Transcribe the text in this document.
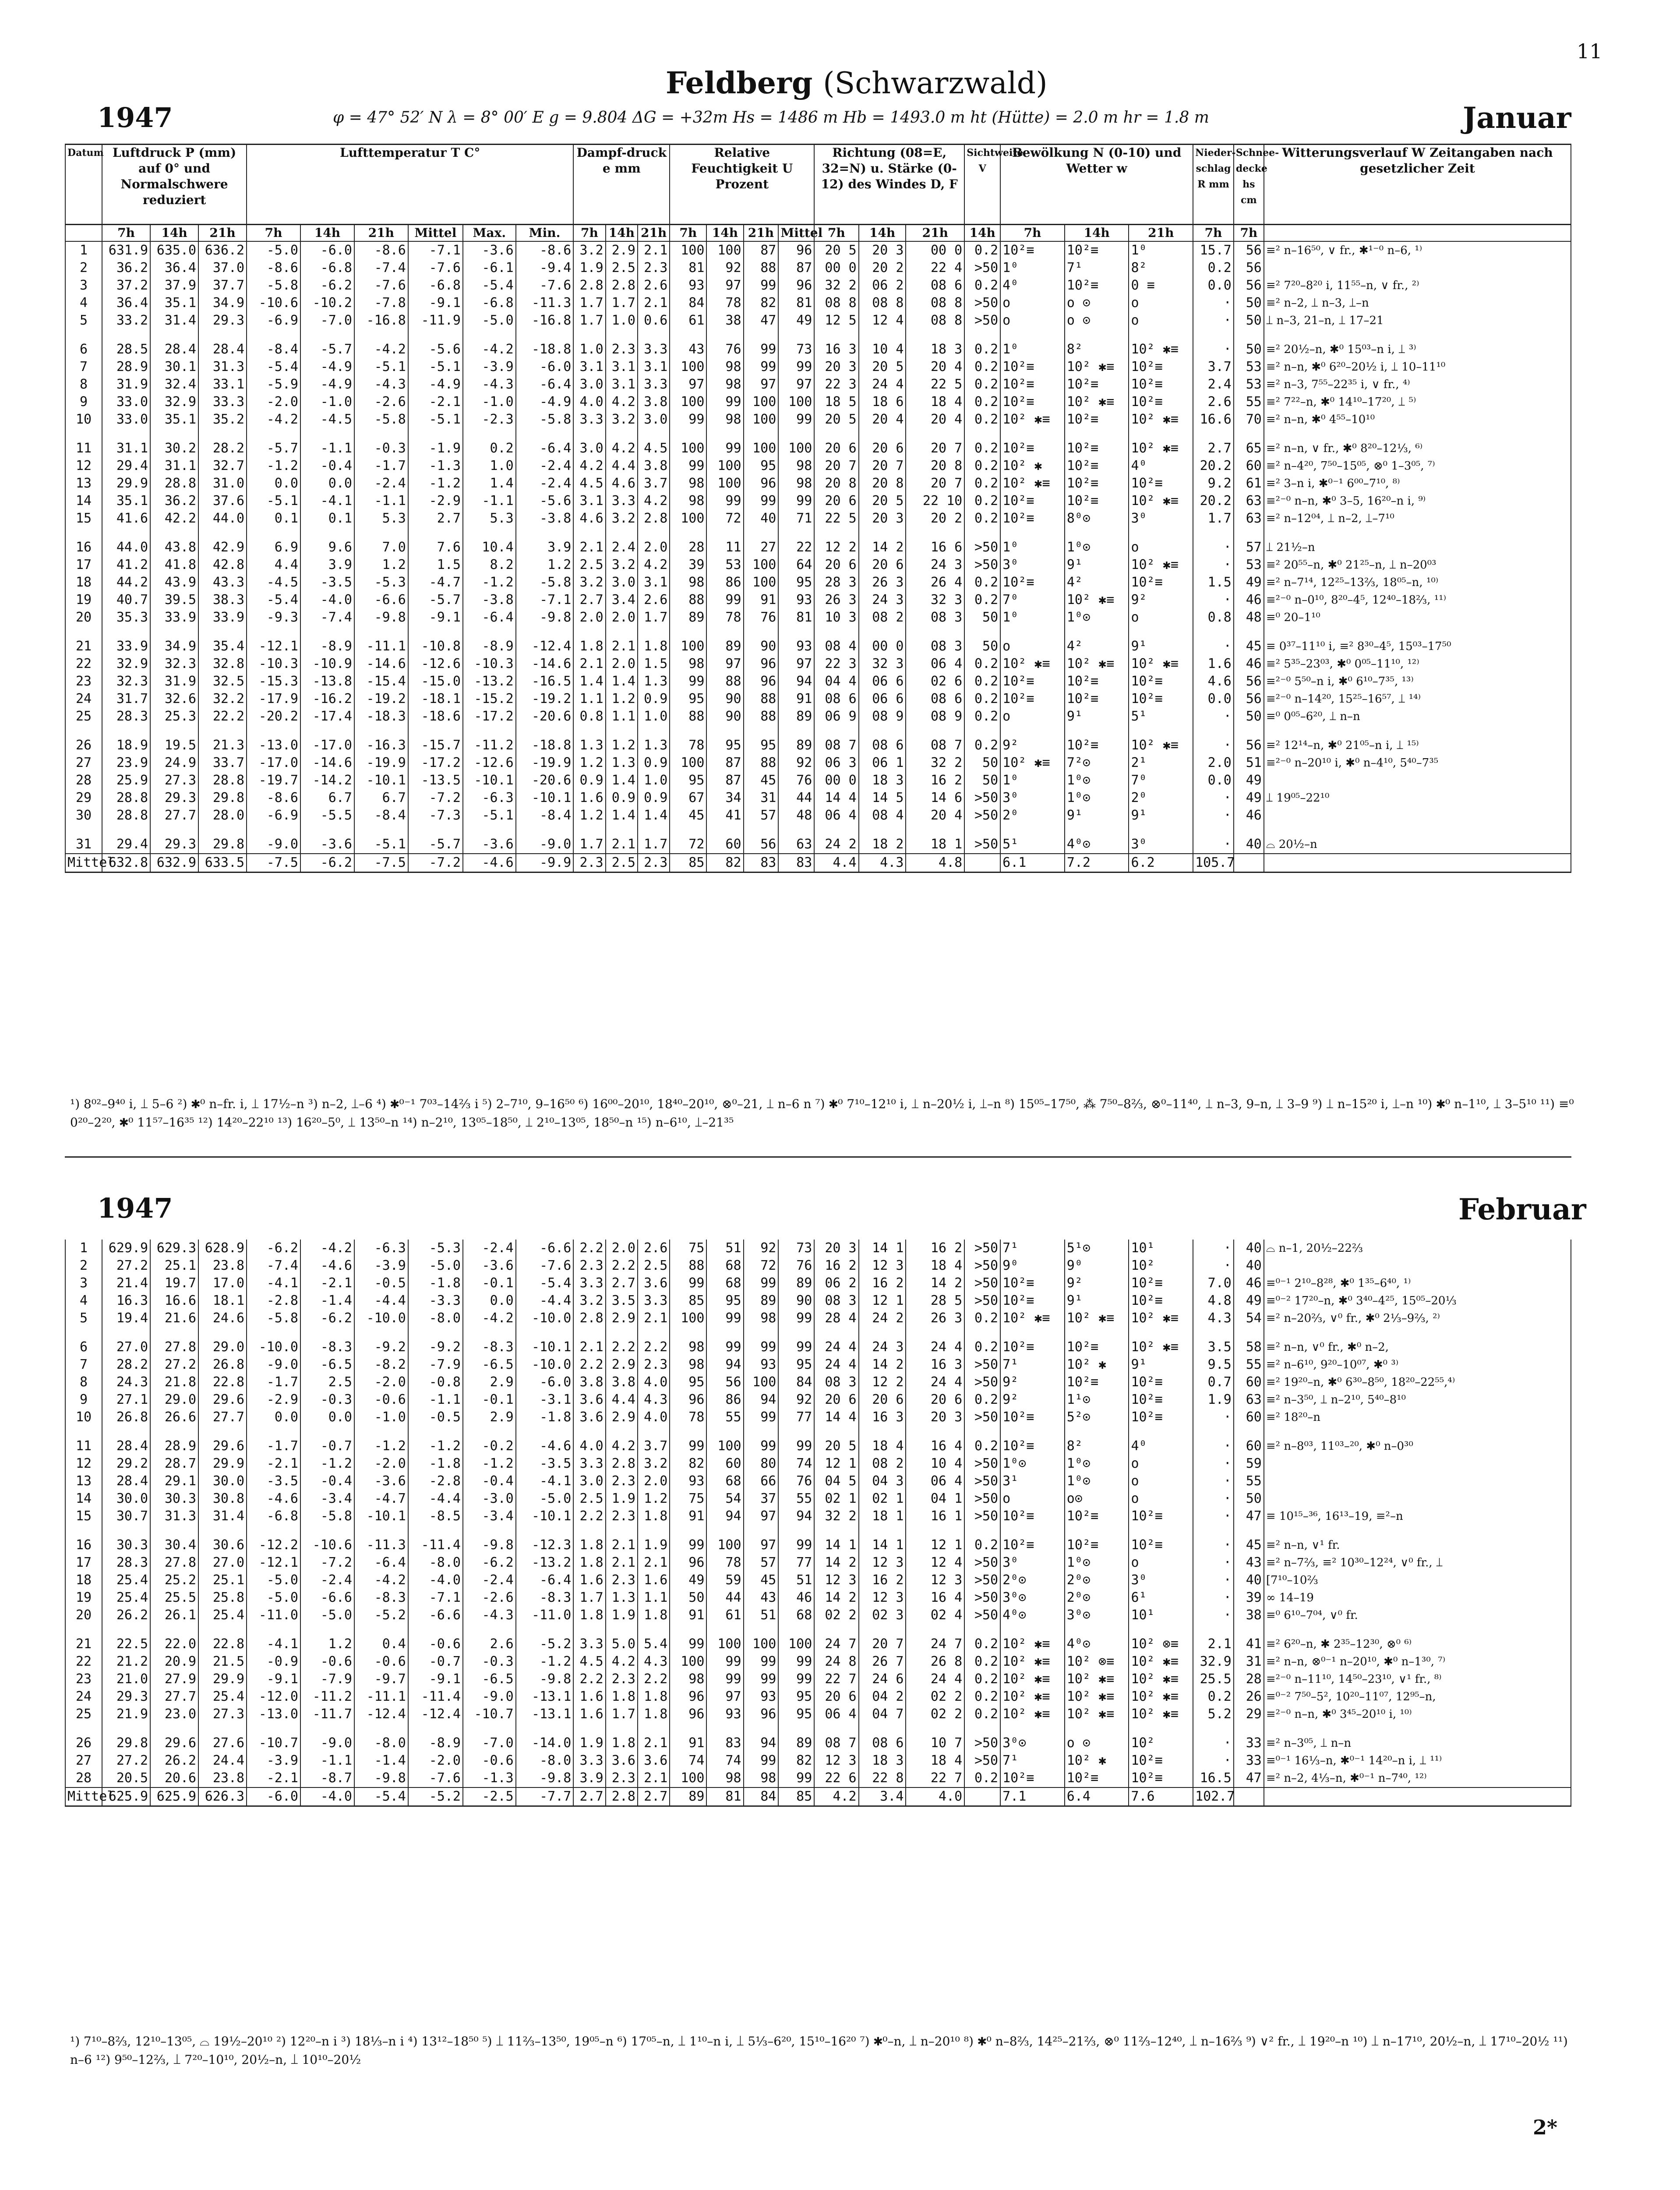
11
Feldberg (Schwarzwald)
1947	φ = 47° 52′ N λ = 8° 00′ E g = 9.804 ΔG = +32m Hs = 1486 m Hb = 1493.0 m ht (Hütte) = 2.0 m hr = 1.8 m	Januar
Datum	Luftdruck P (mm) auf 0° und Normalschwere reduziert			Lufttemperatur T C°						Dampf-druck e mm			Relative Feuchtigkeit U Prozent				Richtung (08=E, 32=N) u. Stärke (0-12) des Windes D, F			Sichtweite V	Bewölkung N (0-10) und Wetter w			Nieder-schlag R mm	Schnee-decke hs cm	Witterungsverlauf W Zeitangaben nach gesetzlicher Zeit
	7h	14h	21h	7h	14h	21h	Mittel	Max.	Min.	7h	14h	21h	7h	14h	21h	Mittel	7h	14h	21h	14h	7h	14h	21h	7h	7h	
1	631.9	635.0	636.2	-5.0	-6.0	-8.6	-7.1	-3.6	-8.6	3.2	2.9	2.1	100	100	87	96	20 5	20 3	00 0	0.2	10²≡	10²≡	1⁰	15.7	56	≡² n–16⁵⁰, ∨ fr., ✱¹⁻⁰ n–6, ¹⁾
2	36.2	36.4	37.0	-8.6	-6.8	-7.4	-7.6	-6.1	-9.4	1.9	2.5	2.3	81	92	88	87	00 0	20 2	22 4	>50	1⁰	7¹	8²	0.2	56	
3	37.2	37.9	37.7	-5.8	-6.2	-7.6	-6.8	-5.4	-7.6	2.8	2.8	2.6	93	97	99	96	32 2	06 2	08 6	0.2	4⁰	10²≡	0 ≡	0.0	56	≡² 7²⁰–8²⁰ i, 11⁵⁵–n, ∨ fr., ²⁾
4	36.4	35.1	34.9	-10.6	-10.2	-7.8	-9.1	-6.8	-11.3	1.7	1.7	2.1	84	78	82	81	08 8	08 8	08 8	>50	o	o ⊙	o	·	50	≡² n–2, ⟘ n–3, ⟘–n
5	33.2	31.4	29.3	-6.9	-7.0	-16.8	-11.9	-5.0	-16.8	1.7	1.0	0.6	61	38	47	49	12 5	12 4	08 8	>50	o	o ⊙	o	·	50	⟘ n–3, 21–n, ⟘ 17–21
6	28.5	28.4	28.4	-8.4	-5.7	-4.2	-5.6	-4.2	-18.8	1.0	2.3	3.3	43	76	99	73	16 3	10 4	18 3	0.2	1⁰	8²	10² ✱≡	·	50	≡² 20½–n, ✱⁰ 15⁰³–n i, ⟘ ³⁾
7	28.9	30.1	31.3	-5.4	-4.9	-5.1	-5.1	-3.9	-6.0	3.1	3.1	3.1	100	98	99	99	20 3	20 5	20 4	0.2	10²≡	10² ✱≡	10²≡	3.7	53	≡² n–n, ✱⁰ 6²⁰–20½ i, ⟘ 10–11¹⁰
8	31.9	32.4	33.1	-5.9	-4.9	-4.3	-4.9	-4.3	-6.4	3.0	3.1	3.3	97	98	97	97	22 3	24 4	22 5	0.2	10²≡	10²≡	10²≡	2.4	53	≡² n–3, 7⁵⁵–22³⁵ i, ∨ fr., ⁴⁾
9	33.0	32.9	33.3	-2.0	-1.0	-2.6	-2.1	-1.0	-4.9	4.0	4.2	3.8	100	99	100	100	18 5	18 6	18 4	0.2	10²≡	10² ✱≡	10²≡	2.6	55	≡² 7²²–n, ✱⁰ 14¹⁰–17²⁰, ⟘ ⁵⁾
10	33.0	35.1	35.2	-4.2	-4.5	-5.8	-5.1	-2.3	-5.8	3.3	3.2	3.0	99	98	100	99	20 5	20 4	20 4	0.2	10² ✱≡	10²≡	10² ✱≡	16.6	70	≡² n–n, ✱⁰ 4⁵⁵–10¹⁰
11	31.1	30.2	28.2	-5.7	-1.1	-0.3	-1.9	0.2	-6.4	3.0	4.2	4.5	100	99	100	100	20 6	20 6	20 7	0.2	10²≡	10²≡	10² ✱≡	2.7	65	≡² n–n, ∨ fr., ✱⁰ 8²⁰–12⅓, ⁶⁾
12	29.4	31.1	32.7	-1.2	-0.4	-1.7	-1.3	1.0	-2.4	4.2	4.4	3.8	99	100	95	98	20 7	20 7	20 8	0.2	10² ✱	10²≡	4⁰	20.2	60	≡² n–4²⁰, 7⁵⁰–15⁰⁵, ⊗⁰ 1–3⁰⁵, ⁷⁾
13	29.9	28.8	31.0	0.0	0.0	-2.4	-1.2	1.4	-2.4	4.5	4.6	3.7	98	100	96	98	20 8	20 8	20 7	0.2	10² ✱≡	10²≡	10²≡	9.2	61	≡² 3–n i, ✱⁰⁻¹ 6⁰⁰–7¹⁰, ⁸⁾
14	35.1	36.2	37.6	-5.1	-4.1	-1.1	-2.9	-1.1	-5.6	3.1	3.3	4.2	98	99	99	99	20 6	20 5	22 10	0.2	10²≡	10²≡	10² ✱≡	20.2	63	≡²⁻⁰ n–n, ✱⁰ 3–5, 16²⁰–n i, ⁹⁾
15	41.6	42.2	44.0	0.1	0.1	5.3	2.7	5.3	-3.8	4.6	3.2	2.8	100	72	40	71	22 5	20 3	20 2	0.2	10²≡	8⁰⊙	3⁰	1.7	63	≡² n–12⁰⁴, ⟘ n–2, ⟘–7¹⁰
16	44.0	43.8	42.9	6.9	9.6	7.0	7.6	10.4	3.9	2.1	2.4	2.0	28	11	27	22	12 2	14 2	16 6	>50	1⁰	1⁰⊙	o	·	57	⟘ 21½–n
17	41.2	41.8	42.8	4.4	3.9	1.2	1.5	8.2	1.2	2.5	3.2	4.2	39	53	100	64	20 6	20 6	24 3	>50	3⁰	9¹	10² ✱≡	·	53	≡² 20⁵⁵–n, ✱⁰ 21²⁵–n, ⟘ n–20⁰³
18	44.2	43.9	43.3	-4.5	-3.5	-5.3	-4.7	-1.2	-5.8	3.2	3.0	3.1	98	86	100	95	28 3	26 3	26 4	0.2	10²≡	4²	10²≡	1.5	49	≡² n–7¹⁴, 12²⁵–13⅔, 18⁰⁵–n, ¹⁰⁾
19	40.7	39.5	38.3	-5.4	-4.0	-6.6	-5.7	-3.8	-7.1	2.7	3.4	2.6	88	99	91	93	26 3	24 3	32 3	0.2	7⁰	10² ✱≡	9²	·	46	≡²⁻⁰ n–0¹⁰, 8²⁰–4⁵, 12⁴⁰–18⅔, ¹¹⁾
20	35.3	33.9	33.9	-9.3	-7.4	-9.8	-9.1	-6.4	-9.8	2.0	2.0	1.7	89	78	76	81	10 3	08 2	08 3	50	1⁰	1⁰⊙	o	0.8	48	≡⁰ 20–1¹⁰
21	33.9	34.9	35.4	-12.1	-8.9	-11.1	-10.8	-8.9	-12.4	1.8	2.1	1.8	100	89	90	93	08 4	00 0	08 3	50	o	4²	9¹	·	45	≡ 0³⁷–11¹⁰ i, ≡² 8³⁰–4⁵, 15⁰³–17⁵⁰
22	32.9	32.3	32.8	-10.3	-10.9	-14.6	-12.6	-10.3	-14.6	2.1	2.0	1.5	98	97	96	97	22 3	32 3	06 4	0.2	10² ✱≡	10² ✱≡	10² ✱≡	1.6	46	≡² 5³⁵–23⁰³, ✱⁰ 0⁰⁵–11¹⁰, ¹²⁾
23	32.3	31.9	32.5	-15.3	-13.8	-15.4	-15.0	-13.2	-16.5	1.4	1.4	1.3	99	88	96	94	04 4	06 6	02 6	0.2	10²≡	10²≡	10²≡	4.6	56	≡²⁻⁰ 5⁵⁰–n i, ✱⁰ 6¹⁰–7³⁵, ¹³⁾
24	31.7	32.6	32.2	-17.9	-16.2	-19.2	-18.1	-15.2	-19.2	1.1	1.2	0.9	95	90	88	91	08 6	06 6	08 6	0.2	10²≡	10²≡	10²≡	0.0	56	≡²⁻⁰ n–14²⁰, 15²⁵–16⁵⁷, ⟘ ¹⁴⁾
25	28.3	25.3	22.2	-20.2	-17.4	-18.3	-18.6	-17.2	-20.6	0.8	1.1	1.0	88	90	88	89	06 9	08 9	08 9	0.2	o	9¹	5¹	·	50	≡⁰ 0⁰⁵–6²⁰, ⟘ n–n
26	18.9	19.5	21.3	-13.0	-17.0	-16.3	-15.7	-11.2	-18.8	1.3	1.2	1.3	78	95	95	89	08 7	08 6	08 7	0.2	9²	10²≡	10² ✱≡	·	56	≡² 12¹⁴–n, ✱⁰ 21⁰⁵–n i, ⟘ ¹⁵⁾
27	23.9	24.9	33.7	-17.0	-14.6	-19.9	-17.2	-12.6	-19.9	1.2	1.3	0.9	100	87	88	92	06 3	06 1	32 2	50	10² ✱≡	7²⊙	2¹	2.0	51	≡²⁻⁰ n–20¹⁰ i, ✱⁰ n–4¹⁰, 5⁴⁰–7³⁵
28	25.9	27.3	28.8	-19.7	-14.2	-10.1	-13.5	-10.1	-20.6	0.9	1.4	1.0	95	87	45	76	00 0	18 3	16 2	50	1⁰	1⁰⊙	7⁰	0.0	49	
29	28.8	29.3	29.8	-8.6	6.7	6.7	-7.2	-6.3	-10.1	1.6	0.9	0.9	67	34	31	44	14 4	14 5	14 6	>50	3⁰	1⁰⊙	2⁰	·	49	⟘ 19⁰⁵–22¹⁰
30	28.8	27.7	28.0	-6.9	-5.5	-8.4	-7.3	-5.1	-8.4	1.2	1.4	1.4	45	41	57	48	06 4	08 4	20 4	>50	2⁰	9¹	9¹	·	46	
31	29.4	29.3	29.8	-9.0	-3.6	-5.1	-5.7	-3.6	-9.0	1.7	2.1	1.7	72	60	56	63	24 2	18 2	18 1	>50	5¹	4⁰⊙	3⁰	·	40	⌓ 20½–n
Mittel	632.8	632.9	633.5	-7.5	-6.2	-7.5	-7.2	-4.6	-9.9	2.3	2.5	2.3	85	82	83	83	4.4	4.3	4.8		6.1	7.2	6.2	105.7		
¹) 8⁰²–9⁴⁰ i, ⟘ 5–6 ²) ✱⁰ n–fr. i, ⟘ 17½–n ³) n–2, ⟘–6 ⁴) ✱⁰⁻¹ 7⁰³–14⅔ i ⁵) 2–7¹⁰, 9–16⁵⁰ ⁶) 16⁰⁰–20¹⁰, 18⁴⁰–20¹⁰, ⊗⁰–21, ⟘ n–6 n ⁷) ✱⁰ 7¹⁰–12¹⁰ i, ⟘ n–20½ i, ⟘–n ⁸) 15⁰⁵–17⁵⁰, ⁂ 7⁵⁰–8⅔, ⊗⁰–11⁴⁰, ⟘ n–3, 9–n, ⟘ 3–9 ⁹) ⟘ n–15²⁰ i, ⟘–n ¹⁰) ✱⁰ n–1¹⁰, ⟘ 3–5¹⁰ ¹¹) ≡⁰ 0²⁰–2²⁰, ✱⁰ 11⁵⁷–16³⁵ ¹²) 14²⁰–22¹⁰ ¹³) 16²⁰–5⁰, ⟘ 13⁵⁰–n ¹⁴) n–2¹⁰, 13⁰⁵–18⁵⁰, ⟘ 2¹⁰–13⁰⁵, 18⁵⁰–n ¹⁵) n–6¹⁰, ⟘–21³⁵
1947	Februar
1	629.9	629.3	628.9	-6.2	-4.2	-6.3	-5.3	-2.4	-6.6	2.2	2.0	2.6	75	51	92	73	20 3	14 1	16 2	>50	7¹	5¹⊙	10¹	·	40	⌓ n–1, 20½–22⅔
2	27.2	25.1	23.8	-7.4	-4.6	-3.9	-5.0	-3.6	-7.6	2.3	2.2	2.5	88	68	72	76	16 2	12 3	18 4	>50	9⁰	9⁰	10²	·	40	
3	21.4	19.7	17.0	-4.1	-2.1	-0.5	-1.8	-0.1	-5.4	3.3	2.7	3.6	99	68	99	89	06 2	16 2	14 2	>50	10²≡	9²	10²≡	7.0	46	≡⁰⁻¹ 2¹⁰–8²⁸, ✱⁰ 1³⁵–6⁴⁰, ¹⁾
4	16.3	16.6	18.1	-2.8	-1.4	-4.4	-3.3	0.0	-4.4	3.2	3.5	3.3	85	95	89	90	08 3	12 1	28 5	>50	10²≡	9¹	10²≡	4.8	49	≡⁰⁻² 17²⁰–n, ✱⁰ 3⁴⁰–4²⁵, 15⁰⁵–20⅓
5	19.4	21.6	24.6	-5.8	-6.2	-10.0	-8.0	-4.2	-10.0	2.8	2.9	2.1	100	99	98	99	28 4	24 2	26 3	0.2	10² ✱≡	10² ✱≡	10² ✱≡	4.3	54	≡² n–20⅔, ∨⁰ fr., ✱⁰ 2⅓–9⅔, ²⁾
6	27.0	27.8	29.0	-10.0	-8.3	-9.2	-9.2	-8.3	-10.1	2.1	2.2	2.2	98	99	99	99	24 4	24 3	24 4	0.2	10²≡	10²≡	10² ✱≡	3.5	58	≡² n–n, ∨⁰ fr., ✱⁰ n–2,
7	28.2	27.2	26.8	-9.0	-6.5	-8.2	-7.9	-6.5	-10.0	2.2	2.9	2.3	98	94	93	95	24 4	14 2	16 3	>50	7¹	10² ✱	9¹	9.5	55	≡² n–6¹⁰, 9²⁰–10⁰⁷, ✱⁰ ³⁾
8	24.3	21.8	22.8	-1.7	2.5	-2.0	-0.8	2.9	-6.0	3.8	3.8	4.0	95	56	100	84	08 3	12 2	24 4	>50	9²	10²≡	10²≡	0.7	60	≡² 19²⁰–n, ✱⁰ 6³⁰–8⁵⁰, 18²⁰–22⁵⁵,⁴⁾
9	27.1	29.0	29.6	-2.9	-0.3	-0.6	-1.1	-0.1	-3.1	3.6	4.4	4.3	96	86	94	92	20 6	20 6	20 6	0.2	9²	1¹⊙	10²≡	1.9	63	≡² n–3⁵⁰, ⟘ n–2¹⁰, 5⁴⁰–8¹⁰
10	26.8	26.6	27.7	0.0	0.0	-1.0	-0.5	2.9	-1.8	3.6	2.9	4.0	78	55	99	77	14 4	16 3	20 3	>50	10²≡	5²⊙	10²≡	·	60	≡² 18²⁰–n
11	28.4	28.9	29.6	-1.7	-0.7	-1.2	-1.2	-0.2	-4.6	4.0	4.2	3.7	99	100	99	99	20 5	18 4	16 4	0.2	10²≡	8²	4⁰	·	60	≡² n–8⁰³, 11⁰³–²⁰, ✱⁰ n–0³⁰
12	29.2	28.7	29.9	-2.1	-1.2	-2.0	-1.8	-1.2	-3.5	3.3	2.8	3.2	82	60	80	74	12 1	08 2	10 4	>50	1⁰⊙	1⁰⊙	o	·	59	
13	28.4	29.1	30.0	-3.5	-0.4	-3.6	-2.8	-0.4	-4.1	3.0	2.3	2.0	93	68	66	76	04 5	04 3	06 4	>50	3¹	1⁰⊙	o	·	55	
14	30.0	30.3	30.8	-4.6	-3.4	-4.7	-4.4	-3.0	-5.0	2.5	1.9	1.2	75	54	37	55	02 1	02 1	04 1	>50	o	o⊙	o	·	50	
15	30.7	31.3	31.4	-6.8	-5.8	-10.1	-8.5	-3.4	-10.1	2.2	2.3	1.8	91	94	97	94	32 2	18 1	16 1	>50	10²≡	10²≡	10²≡	·	47	≡ 10¹⁵–³⁶, 16¹³–19, ≡²–n
16	30.3	30.4	30.6	-12.2	-10.6	-11.3	-11.4	-9.8	-12.3	1.8	2.1	1.9	99	100	97	99	14 1	14 1	12 1	0.2	10²≡	10²≡	10²≡	·	45	≡² n–n, ∨¹ fr.
17	28.3	27.8	27.0	-12.1	-7.2	-6.4	-8.0	-6.2	-13.2	1.8	2.1	2.1	96	78	57	77	14 2	12 3	12 4	>50	3⁰	1⁰⊙	o	·	43	≡² n–7⅔, ≡² 10³⁰–12²⁴, ∨⁰ fr., ⟘
18	25.4	25.2	25.1	-5.0	-2.4	-4.2	-4.0	-2.4	-6.4	1.6	2.3	1.6	49	59	45	51	12 3	16 2	12 3	>50	2⁰⊙	2⁰⊙	3⁰	·	40	[7¹⁰–10⅔
19	25.4	25.5	25.8	-5.0	-6.6	-8.3	-7.1	-2.6	-8.3	1.7	1.3	1.1	50	44	43	46	14 2	12 3	16 4	>50	3⁰⊙	2⁰⊙	6¹	·	39	∞ 14–19
20	26.2	26.1	25.4	-11.0	-5.0	-5.2	-6.6	-4.3	-11.0	1.8	1.9	1.8	91	61	51	68	02 2	02 3	02 4	>50	4⁰⊙	3⁰⊙	10¹	·	38	≡⁰ 6¹⁰–7⁰⁴, ∨⁰ fr.
21	22.5	22.0	22.8	-4.1	1.2	0.4	-0.6	2.6	-5.2	3.3	5.0	5.4	99	100	100	100	24 7	20 7	24 7	0.2	10² ✱≡	4⁰⊙	10² ⊗≡	2.1	41	≡² 6²⁰–n, ✱ 2³⁵–12³⁰, ⊗⁰ ⁶⁾
22	21.2	20.9	21.5	-0.9	-0.6	-0.6	-0.7	-0.3	-1.2	4.5	4.2	4.3	100	99	99	99	24 8	26 7	26 8	0.2	10² ✱≡	10² ⊗≡	10² ✱≡	32.9	31	≡² n–n, ⊗⁰⁻¹ n–20¹⁰, ✱⁰ n–1³⁰, ⁷⁾
23	21.0	27.9	29.9	-9.1	-7.9	-9.7	-9.1	-6.5	-9.8	2.2	2.3	2.2	98	99	99	99	22 7	24 6	24 4	0.2	10² ✱≡	10² ✱≡	10² ✱≡	25.5	28	≡²⁻⁰ n–11¹⁰, 14⁵⁰–23¹⁰, ∨¹ fr., ⁸⁾
24	29.3	27.7	25.4	-12.0	-11.2	-11.1	-11.4	-9.0	-13.1	1.6	1.8	1.8	96	97	93	95	20 6	04 2	02 2	0.2	10² ✱≡	10² ✱≡	10² ✱≡	0.2	26	≡⁰⁻² 7⁵⁰–5², 10²⁰–11⁰⁷, 12⁹⁵–n,
25	21.9	23.0	27.3	-13.0	-11.7	-12.4	-12.4	-10.7	-13.1	1.6	1.7	1.8	96	93	96	95	06 4	04 7	02 2	0.2	10² ✱≡	10² ✱≡	10² ✱≡	5.2	29	≡²⁻⁰ n–n, ✱⁰ 3⁴⁵–20¹⁰ i, ¹⁰⁾
26	29.8	29.6	27.6	-10.7	-9.0	-8.0	-8.9	-7.0	-14.0	1.9	1.8	2.1	91	83	94	89	08 7	08 6	10 7	>50	3⁰⊙	o ⊙	10²	·	33	≡² n–3⁰⁵, ⟘ n–n
27	27.2	26.2	24.4	-3.9	-1.1	-1.4	-2.0	-0.6	-8.0	3.3	3.6	3.6	74	74	99	82	12 3	18 3	18 4	>50	7¹	10² ✱	10²≡	·	33	≡⁰⁻¹ 16⅓–n, ✱⁰⁻¹ 14²⁰–n i, ⟘ ¹¹⁾
28	20.5	20.6	23.8	-2.1	-8.7	-9.8	-7.6	-1.3	-9.8	3.9	2.3	2.1	100	98	98	99	22 6	22 8	22 7	0.2	10²≡	10²≡	10²≡	16.5	47	≡² n–2, 4⅓–n, ✱⁰⁻¹ n–7⁴⁰, ¹²⁾
Mittel	625.9	625.9	626.3	-6.0	-4.0	-5.4	-5.2	-2.5	-7.7	2.7	2.8	2.7	89	81	84	85	4.2	3.4	4.0		7.1	6.4	7.6	102.7		
¹) 7¹⁰–8⅔, 12¹⁰–13⁰⁵, ⌓ 19½–20¹⁰ ²) 12²⁰–n i ³) 18⅓–n i ⁴) 13¹²–18⁵⁰ ⁵) ⟘ 11⅔–13⁵⁰, 19⁰⁵–n ⁶) 17⁰⁵–n, ⟘ 1¹⁰–n i, ⟘ 5⅓–6²⁰, 15¹⁰–16²⁰ ⁷) ✱⁰–n, ⟘ n–20¹⁰ ⁸) ✱⁰ n–8⅔, 14²⁵–21⅔, ⊗⁰ 11⅔–12⁴⁰, ⟘ n–16⅔ ⁹) ∨² fr., ⟘ 19²⁰–n ¹⁰) ⟘ n–17¹⁰, 20½–n, ⟘ 17¹⁰–20½ ¹¹) n–6 ¹²) 9⁵⁰–12⅔, ⟘ 7²⁰–10¹⁰, 20½–n, ⟘ 10¹⁰–20½
2*
